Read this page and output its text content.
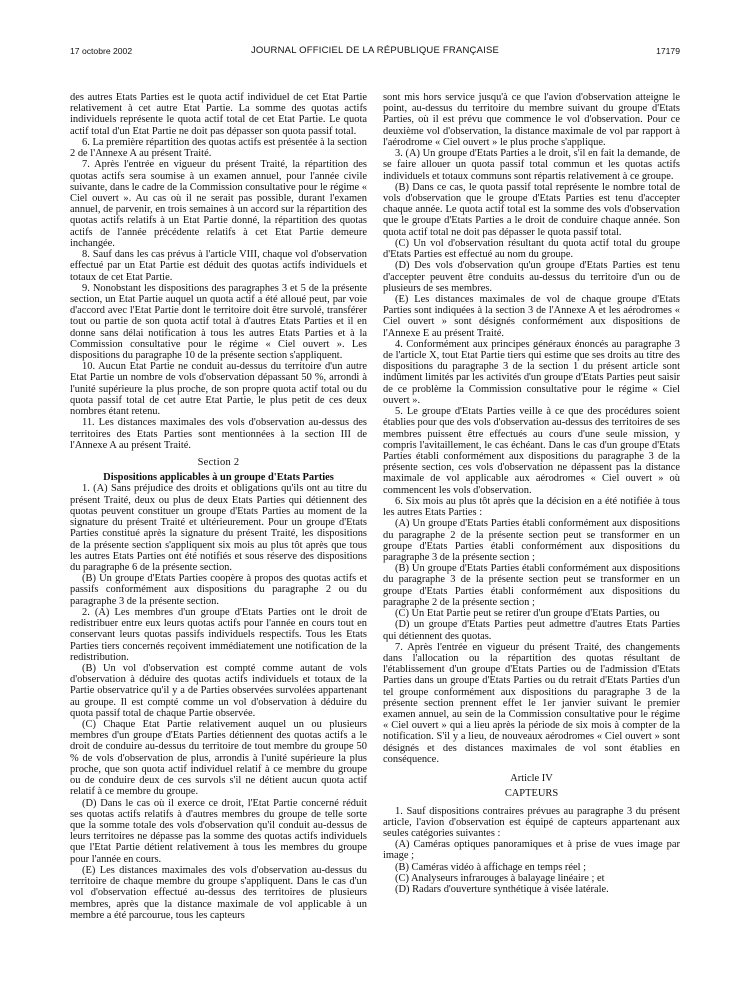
17 octobre 2002	JOURNAL OFFICIEL DE LA RÉPUBLIQUE FRANÇAISE	17179

des autres Etats Parties est le quota actif individuel de cet Etat Partie relativement à cet autre Etat Partie. La somme des quotas actifs individuels représente le quota actif total de cet Etat Partie. Le quota actif total d'un Etat Partie ne doit pas dépasser son quota passif total.

6. La première répartition des quotas actifs est présentée à la section 2 de l'Annexe A au présent Traité.

7. Après l'entrée en vigueur du présent Traité, la répartition des quotas actifs sera soumise à un examen annuel, pour l'année civile suivante, dans le cadre de la Commission consultative pour le régime « Ciel ouvert ». Au cas où il ne serait pas possible, durant l'examen annuel, de parvenir, en trois semaines à un accord sur la répartition des quotas actifs relatifs à un Etat Partie donné, la répartition des quotas actifs de l'année précédente relatifs à cet Etat Partie demeure inchangée.

8. Sauf dans les cas prévus à l'article VIII, chaque vol d'observation effectué par un Etat Partie est déduit des quotas actifs individuels et totaux de cet Etat Partie.

9. Nonobstant les dispositions des paragraphes 3 et 5 de la présente section, un Etat Partie auquel un quota actif a été alloué peut, par voie d'accord avec l'Etat Partie dont le territoire doit être survolé, transférer tout ou partie de son quota actif total à d'autres Etats Parties et il en donne sans délai notification à tous les autres Etats Parties et à la Commission consultative pour le régime « Ciel ouvert ». Les dispositions du paragraphe 10 de la présente section s'appliquent.

10. Aucun Etat Partie ne conduit au-dessus du territoire d'un autre Etat Partie un nombre de vols d'observation dépassant 50 %, arrondi à l'unité supérieure la plus proche, de son propre quota actif total ou du quota passif total de cet autre Etat Partie, le plus petit de ces deux nombres étant retenu.

11. Les distances maximales des vols d'observation au-dessus des territoires des Etats Parties sont mentionnées à la section III de l'Annexe A au présent Traité.

Section 2

Dispositions applicables à un groupe d'Etats Parties

1. (A) Sans préjudice des droits et obligations qu'ils ont au titre du présent Traité, deux ou plus de deux Etats Parties qui détiennent des quotas peuvent constituer un groupe d'Etats Parties au moment de la signature du présent Traité et ultérieurement. Pour un groupe d'Etats Parties constitué après la signature du présent Traité, les dispositions de la présente section s'appliquent six mois au plus tôt après que tous les autres Etats Parties ont été notifiés et sous réserve des dispositions du paragraphe 6 de la présente section.

(B) Un groupe d'Etats Parties coopère à propos des quotas actifs et passifs conformément aux dispositions du paragraphe 2 ou du paragraphe 3 de la présente section.

2. (A) Les membres d'un groupe d'Etats Parties ont le droit de redistribuer entre eux leurs quotas actifs pour l'année en cours tout en conservant leurs quotas passifs individuels respectifs. Tous les Etats Parties tiers concernés reçoivent immédiatement une notification de la redistribution.

(B) Un vol d'observation est compté comme autant de vols d'observation à déduire des quotas actifs individuels et totaux de la Partie observatrice qu'il y a de Parties observées survolées appartenant au groupe. Il est compté comme un vol d'observation à déduire du quota passif total de chaque Partie observée.

(C) Chaque Etat Partie relativement auquel un ou plusieurs membres d'un groupe d'Etats Parties détiennent des quotas actifs a le droit de conduire au-dessus du territoire de tout membre du groupe 50 % de vols d'observation de plus, arrondis à l'unité supérieure la plus proche, que son quota actif individuel relatif à ce membre du groupe ou de conduire deux de ces survols s'il ne détient aucun quota actif relatif à ce membre du groupe.

(D) Dans le cas où il exerce ce droit, l'Etat Partie concerné réduit ses quotas actifs relatifs à d'autres membres du groupe de telle sorte que la somme totale des vols d'observation qu'il conduit au-dessus de leurs territoires ne dépasse pas la somme des quotas actifs individuels que l'Etat Partie détient relativement à tous les membres du groupe pour l'année en cours.

(E) Les distances maximales des vols d'observation au-dessus du territoire de chaque membre du groupe s'appliquent. Dans le cas d'un vol d'observation effectué au-dessus des territoires de plusieurs membres, après que la distance maximale de vol applicable à un membre a été parcourue, tous les capteurs

sont mis hors service jusqu'à ce que l'avion d'observation atteigne le point, au-dessus du territoire du membre suivant du groupe d'Etats Parties, où il est prévu que commence le vol d'observation. Pour ce deuxième vol d'observation, la distance maximale de vol par rapport à l'aérodrome « Ciel ouvert » le plus proche s'applique.

3. (A) Un groupe d'Etats Parties a le droit, s'il en fait la demande, de se faire allouer un quota passif total commun et les quotas actifs individuels et totaux communs sont répartis relativement à ce groupe.

(B) Dans ce cas, le quota passif total représente le nombre total de vols d'observation que le groupe d'Etats Parties est tenu d'accepter chaque année. Le quota actif total est la somme des vols d'observation que le groupe d'Etats Parties a le droit de conduire chaque année. Son quota actif total ne doit pas dépasser le quota passif total.

(C) Un vol d'observation résultant du quota actif total du groupe d'Etats Parties est effectué au nom du groupe.

(D) Des vols d'observation qu'un groupe d'Etats Parties est tenu d'accepter peuvent être conduits au-dessus du territoire d'un ou de plusieurs de ses membres.

(E) Les distances maximales de vol de chaque groupe d'Etats Parties sont indiquées à la section 3 de l'Annexe A et les aérodromes « Ciel ouvert » sont désignés conformément aux dispositions de l'Annexe E au présent Traité.

4. Conformément aux principes généraux énoncés au paragraphe 3 de l'article X, tout Etat Partie tiers qui estime que ses droits au titre des dispositions du paragraphe 3 de la section 1 du présent article sont indûment limités par les activités d'un groupe d'Etats Parties peut saisir de ce problème la Commission consultative pour le régime « Ciel ouvert ».

5. Le groupe d'Etats Parties veille à ce que des procédures soient établies pour que des vols d'observation au-dessus des territoires de ses membres puissent être effectués au cours d'une seule mission, y compris l'avitaillement, le cas échéant. Dans le cas d'un groupe d'Etats Parties établi conformément aux dispositions du paragraphe 3 de la présente section, ces vols d'observation ne dépassent pas la distance maximale de vol applicable aux aérodromes « Ciel ouvert » où commencent les vols d'observation.

6. Six mois au plus tôt après que la décision en a été notifiée à tous les autres Etats Parties :

(A) Un groupe d'Etats Parties établi conformément aux dispositions du paragraphe 2 de la présente section peut se transformer en un groupe d'Etats Parties établi conformément aux dispositions du paragraphe 3 de la présente section ;

(B) Un groupe d'Etats Parties établi conformément aux dispositions du paragraphe 3 de la présente section peut se transformer en un groupe d'Etats Parties établi conformément aux dispositions du paragraphe 2 de la présente section ;

(C) Un Etat Partie peut se retirer d'un groupe d'Etats Parties, ou

(D) un groupe d'Etats Parties peut admettre d'autres Etats Parties qui détiennent des quotas.

7. Après l'entrée en vigueur du présent Traité, des changements dans l'allocation ou la répartition des quotas résultant de l'établissement d'un groupe d'Etats Parties ou de l'admission d'Etats Parties dans un groupe d'Etats Parties ou du retrait d'Etats Parties d'un tel groupe conformément aux dispositions du paragraphe 3 de la présente section prennent effet le 1er janvier suivant le premier examen annuel, au sein de la Commission consultative pour le régime « Ciel ouvert » qui a lieu après la période de six mois à compter de la notification. S'il y a lieu, de nouveaux aérodromes « Ciel ouvert » sont désignés et des distances maximales de vol sont établies en conséquence.

Article IV

CAPTEURS

1. Sauf dispositions contraires prévues au paragraphe 3 du présent article, l'avion d'observation est équipé de capteurs appartenant aux seules catégories suivantes :

(A) Caméras optiques panoramiques et à prise de vues image par image ;

(B) Caméras vidéo à affichage en temps réel ;

(C) Analyseurs infrarouges à balayage linéaire ; et

(D) Radars d'ouverture synthétique à visée latérale.
